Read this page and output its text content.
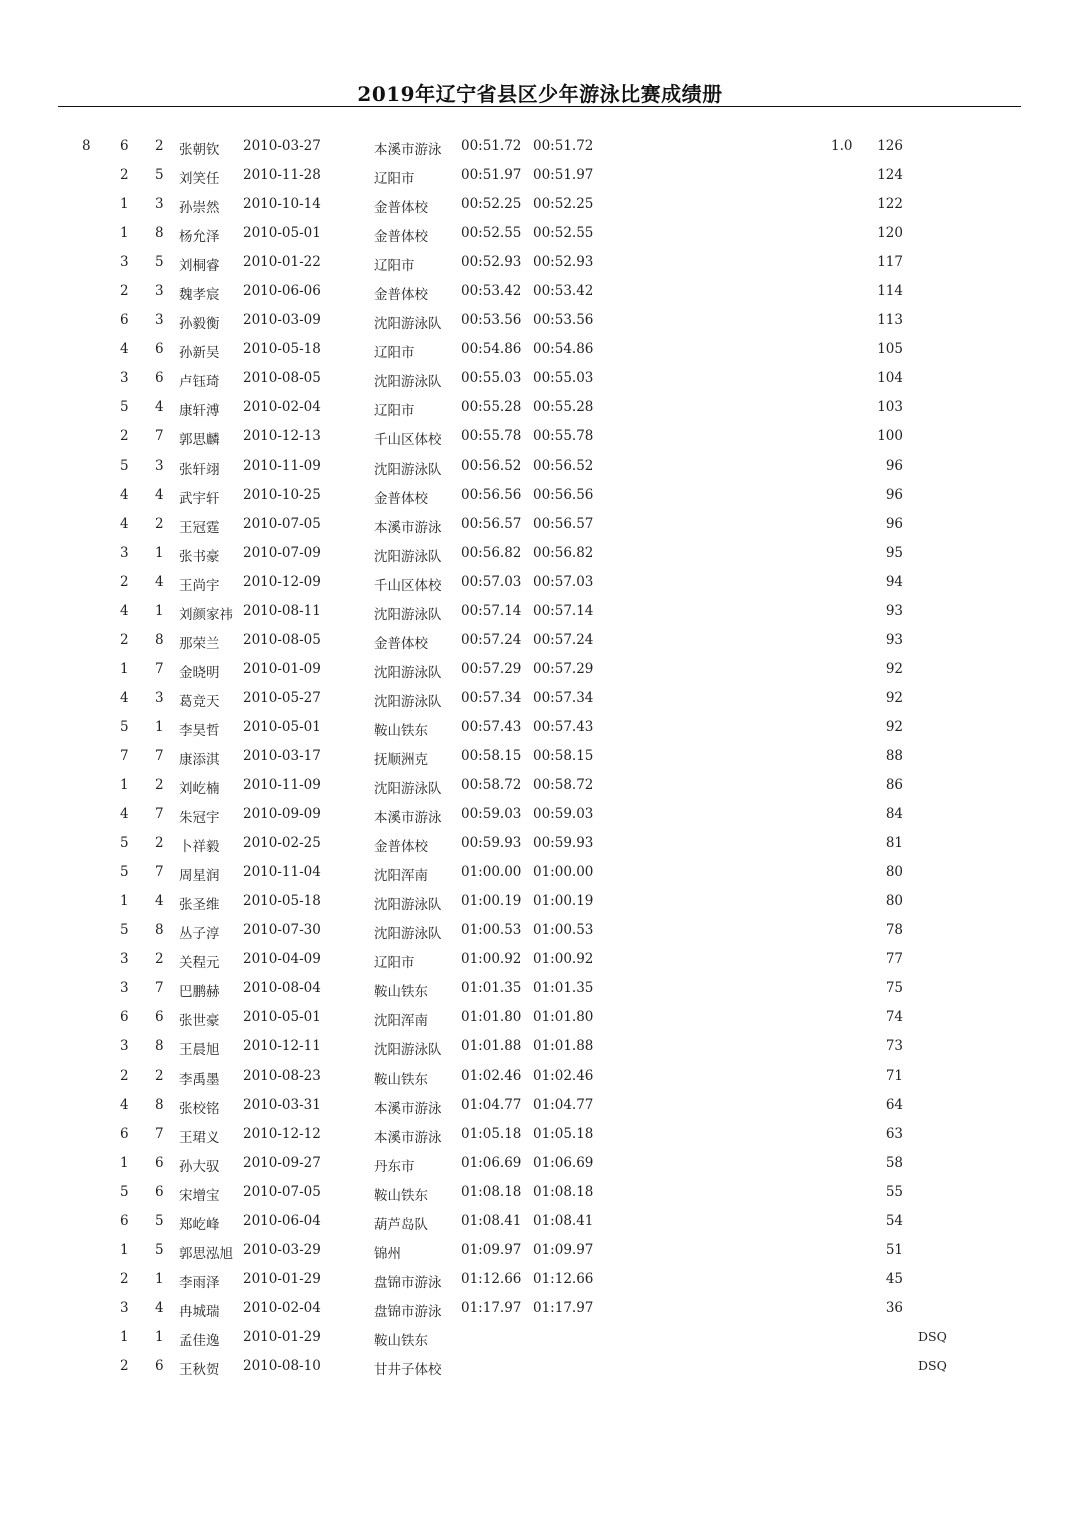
2019年辽宁省县区少年游泳比赛成绩册
8 6 2 张朝钦 2010-03-27	本溪市游泳 00:51.72 00:51.72	1.0 126
2 5 刘笑任 2010-11-28	辽阳市	00:51.97 00:51.97	124
1 3 孙崇然 2010-10-14	金普体校 00:52.25 00:52.25	122
1 8 杨允泽 2010-05-01	金普体校 00:52.55 00:52.55	120
3 5 刘桐睿 2010-01-22	辽阳市	00:52.93 00:52.93	117
2 3 魏孝宸 2010-06-06	金普体校 00:53.42 00:53.42	114
6 3 孙毅衡 2010-03-09	沈阳游泳队 00:53.56 00:53.56	113
4 6 孙新吴 2010-05-18	辽阳市	00:54.86 00:54.86	105
3 6 卢钰琦 2010-08-05	沈阳游泳队 00:55.03 00:55.03	104
5 4 康轩溥 2010-02-04	辽阳市	00:55.28 00:55.28	103
2 7 郭思麟 2010-12-13	千山区体校 00:55.78 00:55.78	100
5 3 张轩翊 2010-11-09	沈阳游泳队 00:56.52 00:56.52	96
4 4 武宇轩 2010-10-25	金普体校 00:56.56 00:56.56	96
4 2 王冠霆 2010-07-05	本溪市游泳 00:56.57 00:56.57	96
3 1 张书豪 2010-07-09	沈阳游泳队 00:56.82 00:56.82	95
2 4 王尚宇 2010-12-09	千山区体校 00:57.03 00:57.03	94
4 1 刘颜家祎 2010-08-11	沈阳游泳队 00:57.14 00:57.14	93
2 8 那荣兰 2010-08-05	金普体校 00:57.24 00:57.24	93
1 7 金晓明 2010-01-09	沈阳游泳队 00:57.29 00:57.29	92
4 3 葛竞天 2010-05-27	沈阳游泳队 00:57.34 00:57.34	92
5 1 李昊哲 2010-05-01	鞍山铁东 00:57.43 00:57.43	92
7 7 康添淇 2010-03-17	抚顺洲克 00:58.15 00:58.15	88
1 2 刘屹楠 2010-11-09	沈阳游泳队 00:58.72 00:58.72	86
4 7 朱冠宇 2010-09-09	本溪市游泳 00:59.03 00:59.03	84
5 2 卜祥毅 2010-02-25	金普体校 00:59.93 00:59.93	81
5 7 周星润 2010-11-04	沈阳浑南 01:00.00 01:00.00	80
1 4 张圣维 2010-05-18	沈阳游泳队 01:00.19 01:00.19	80
5 8 丛子淳 2010-07-30	沈阳游泳队 01:00.53 01:00.53	78
3 2 关程元 2010-04-09	辽阳市	01:00.92 01:00.92	77
3 7 巴鹏赫 2010-08-04	鞍山铁东 01:01.35 01:01.35	75
6 6 张世豪 2010-05-01	沈阳浑南 01:01.80 01:01.80	74
3 8 王晨旭 2010-12-11	沈阳游泳队 01:01.88 01:01.88	73
2 2 李禹墨 2010-08-23	鞍山铁东 01:02.46 01:02.46	71
4 8 张校铭 2010-03-31	本溪市游泳 01:04.77 01:04.77	64
6 7 王珺义 2010-12-12	本溪市游泳 01:05.18 01:05.18	63
1 6 孙大驭 2010-09-27	丹东市	01:06.69 01:06.69	58
5 6 宋增宝 2010-07-05	鞍山铁东 01:08.18 01:08.18	55
6 5 郑屹峰 2010-06-04	葫芦岛队 01:08.41 01:08.41	54
1 5 郭思泓旭 2010-03-29	锦州	01:09.97 01:09.97	51
2 1 李雨泽 2010-01-29	盘锦市游泳 01:12.66 01:12.66	45
3 4 冉城瑞 2010-02-04	盘锦市游泳 01:17.97 01:17.97	36
1 1 孟佳逸 2010-01-29	鞍山铁东	DSQ
2 6 王秋贺 2010-08-10	甘井子体校	DSQ
